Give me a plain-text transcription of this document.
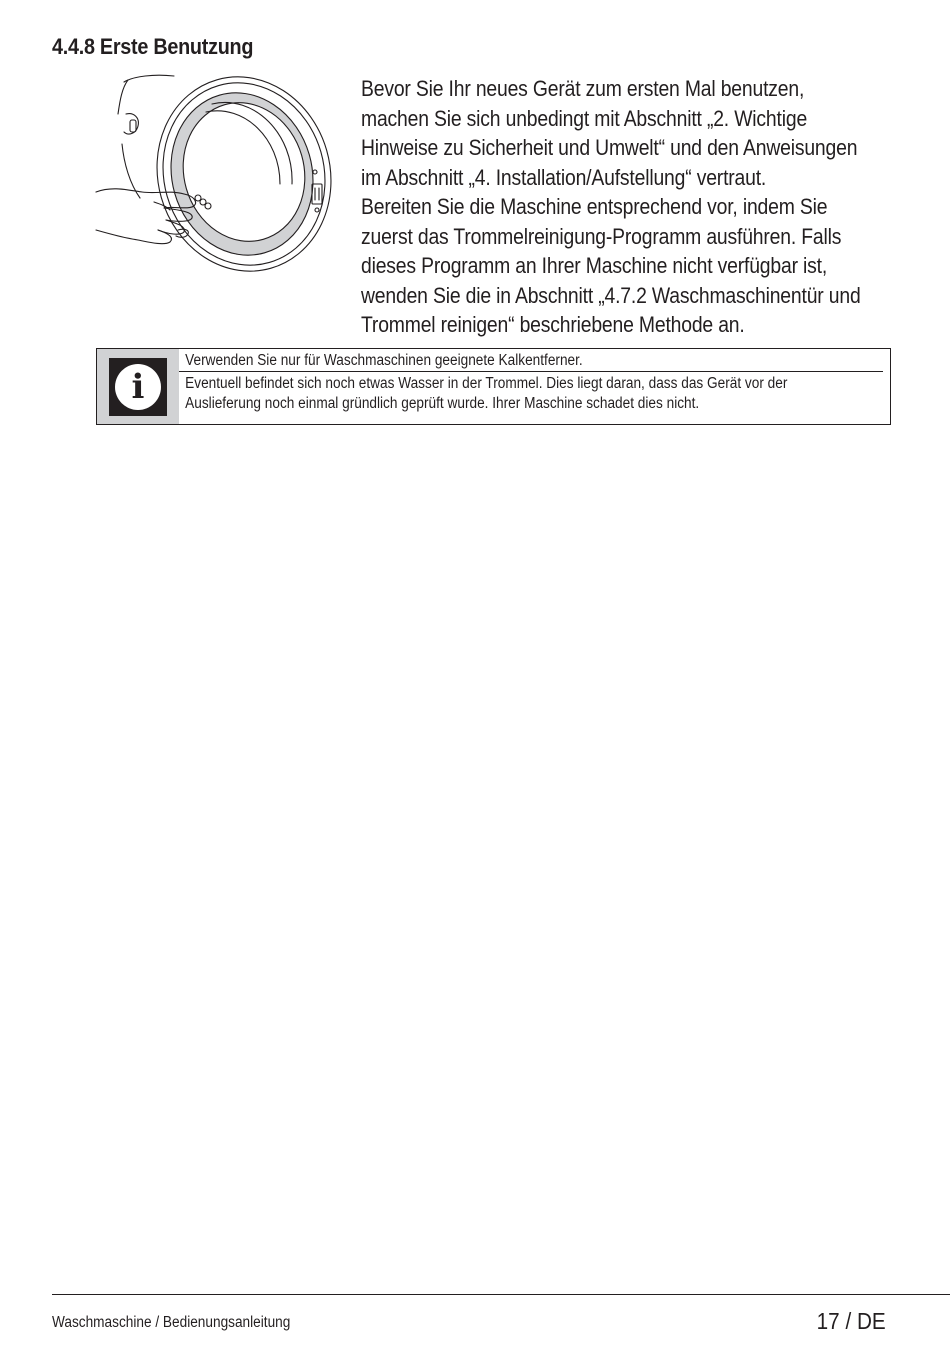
4.4.8 Erste Benutzung

Bevor Sie Ihr neues Gerät zum ersten Mal benutzen,
machen Sie sich unbedingt mit Abschnitt „2. Wichtige
Hinweise zu Sicherheit und Umwelt“ und den Anweisungen
im Abschnitt „4. Installation/Aufstellung“ vertraut.
Bereiten Sie die Maschine entsprechend vor, indem Sie
zuerst das Trommelreinigung-Programm ausführen. Falls
dieses Programm an Ihrer Maschine nicht verfügbar ist,
wenden Sie die in Abschnitt „4.7.2 Waschmaschinentür und
Trommel reinigen“ beschriebene Methode an.

i
Verwenden Sie nur für Waschmaschinen geeignete Kalkentferner.
Eventuell befindet sich noch etwas Wasser in der Trommel. Dies liegt daran, dass das Gerät vor der
Auslieferung noch einmal gründlich geprüft wurde. Ihrer Maschine schadet dies nicht.
Waschmaschine / Bedienungsanleitung	17 / DE
